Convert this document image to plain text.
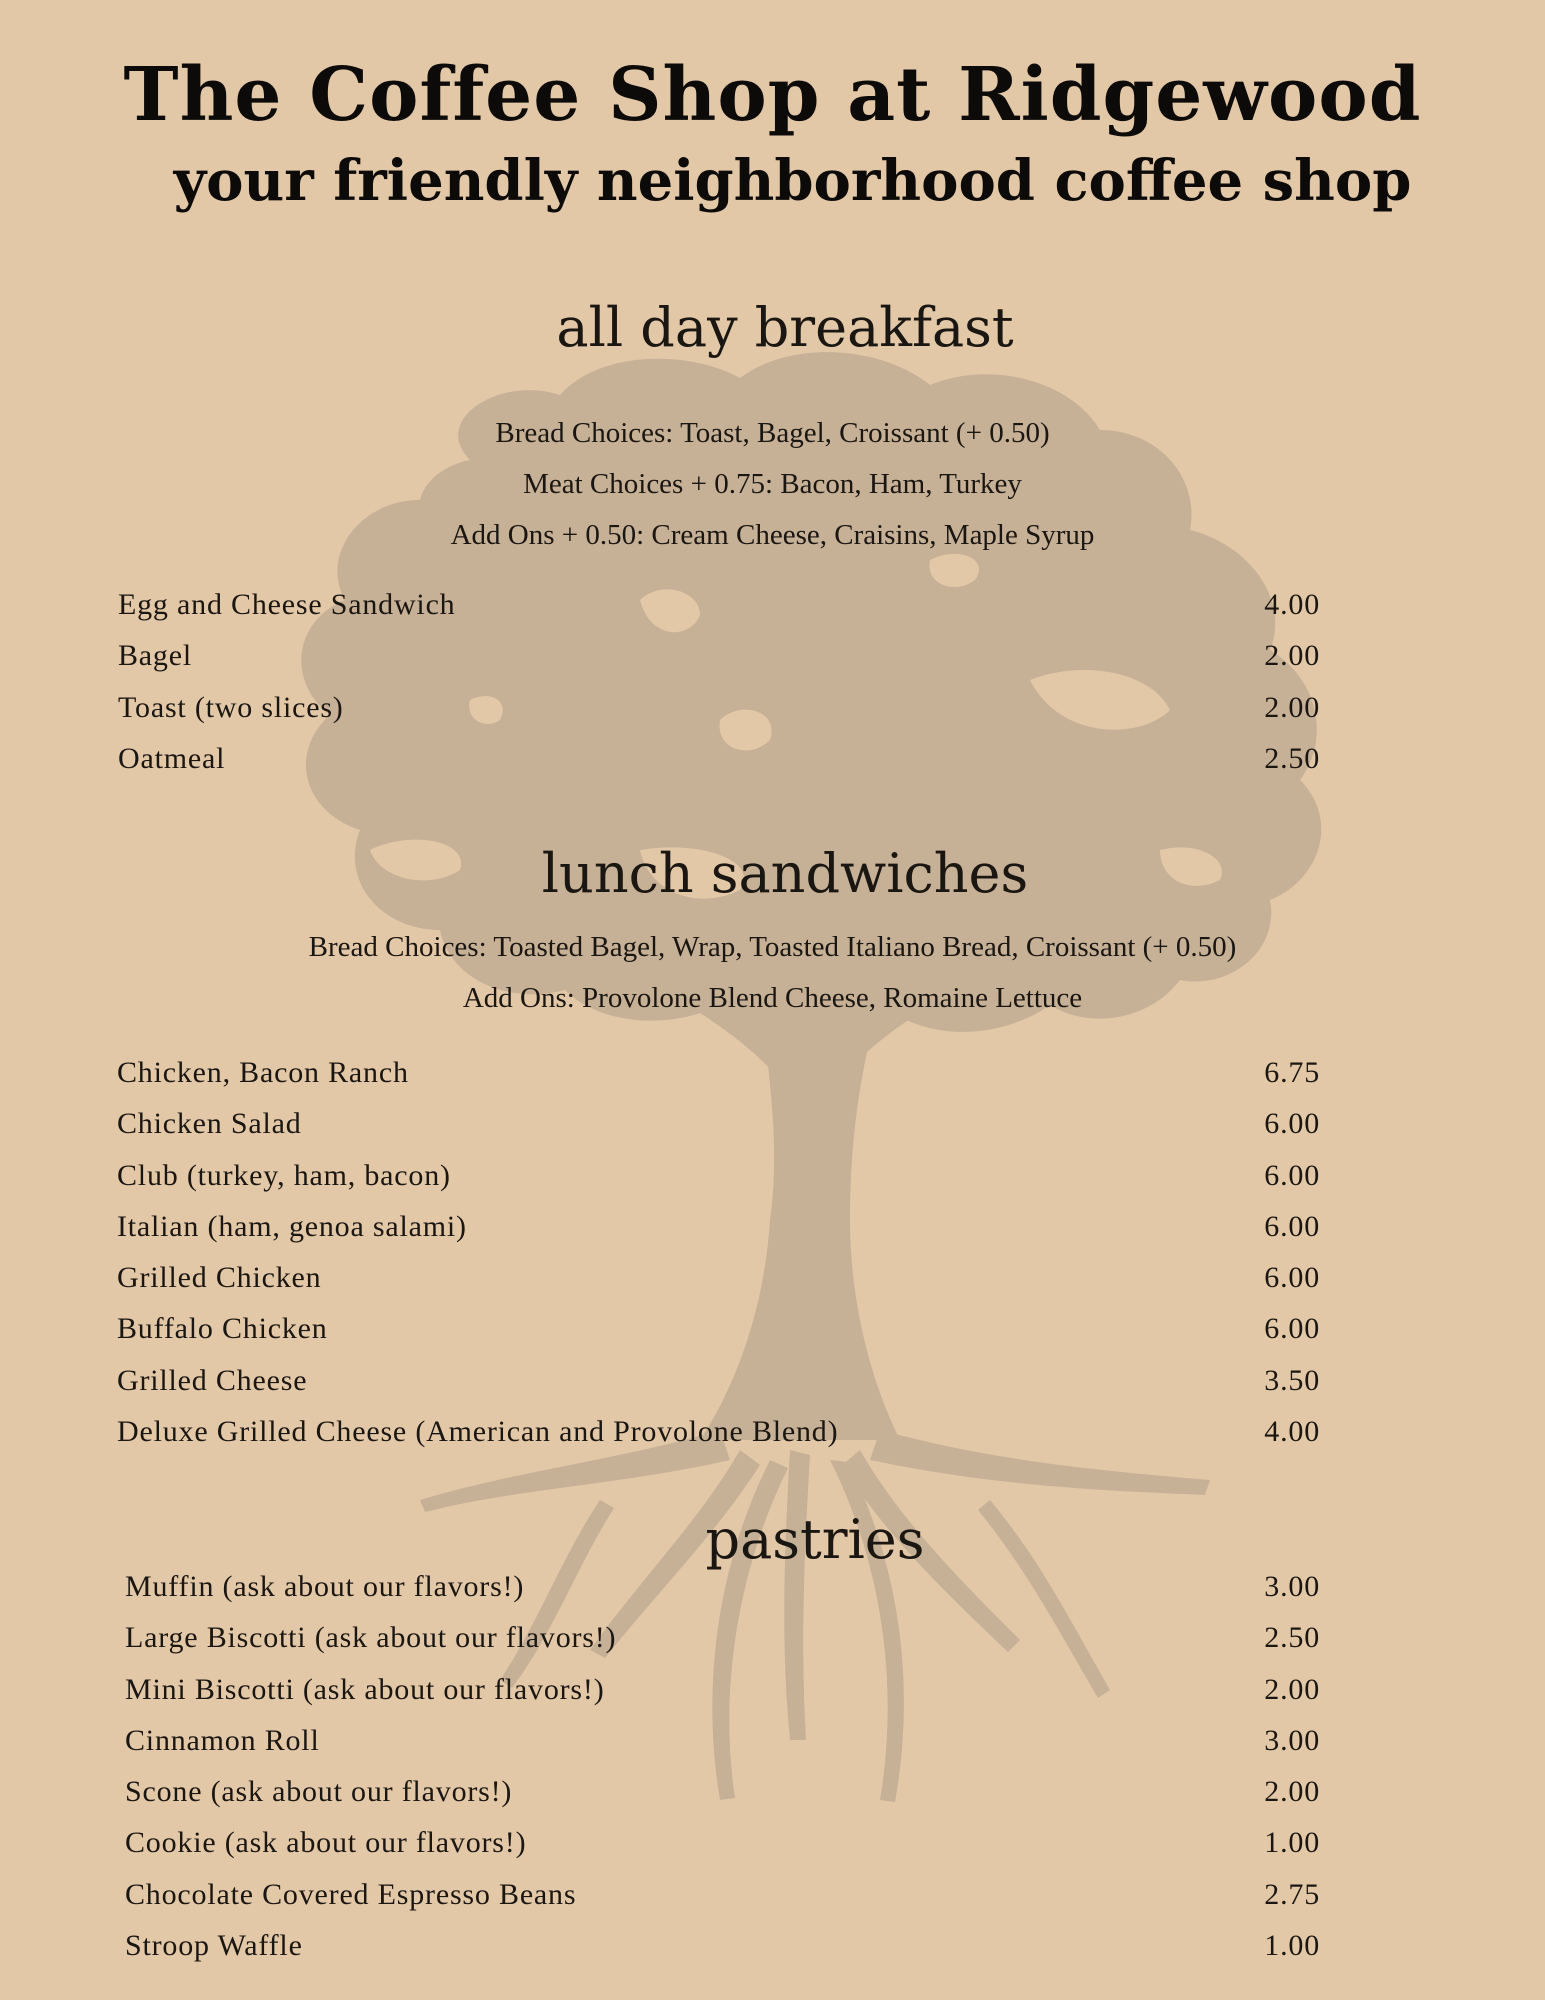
The Coffee Shop at Ridgewood
your friendly neighborhood coffee shop
all day breakfast
Bread Choices: Toast, Bagel, Croissant (+ 0.50)
Meat Choices + 0.75: Bacon, Ham, Turkey
Add Ons + 0.50: Cream Cheese, Craisins, Maple Syrup
Egg and Cheese Sandwich	4.00
Bagel	2.00
Toast (two slices)	2.00
Oatmeal	2.50
lunch sandwiches
Bread Choices: Toasted Bagel, Wrap, Toasted Italiano Bread, Croissant (+ 0.50)
Add Ons: Provolone Blend Cheese, Romaine Lettuce
Chicken, Bacon Ranch	6.75
Chicken Salad	6.00
Club (turkey, ham, bacon)	6.00
Italian (ham, genoa salami)	6.00
Grilled Chicken	6.00
Buffalo Chicken	6.00
Grilled Cheese	3.50
Deluxe Grilled Cheese (American and Provolone Blend)	4.00
pastries
Muffin (ask about our flavors!)	3.00
Large Biscotti (ask about our flavors!)	2.50
Mini Biscotti (ask about our flavors!)	2.00
Cinnamon Roll	3.00
Scone (ask about our flavors!)	2.00
Cookie (ask about our flavors!)	1.00
Chocolate Covered Espresso Beans	2.75
Stroop Waffle	1.00
